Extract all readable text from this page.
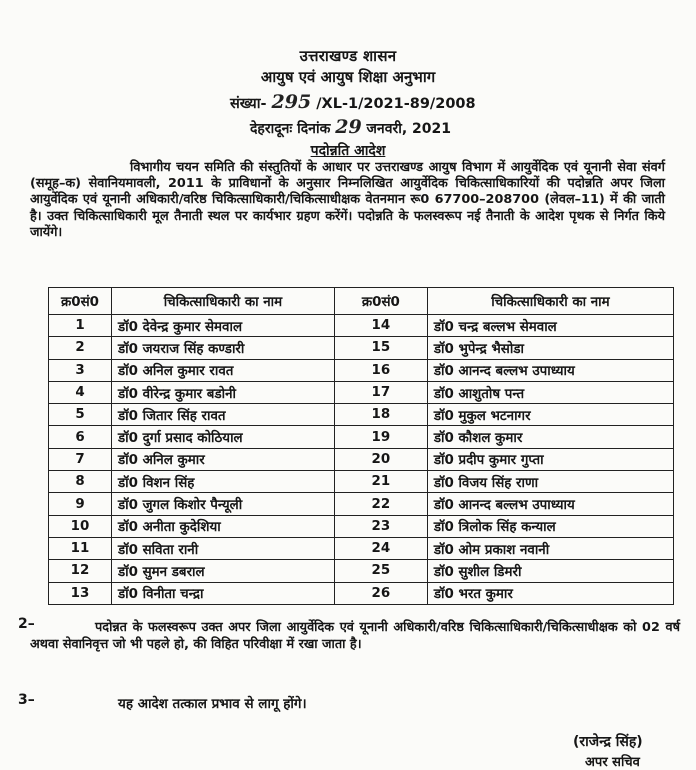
उत्तराखण्ड शासन
आयुष एवं आयुष शिक्षा अनुभाग
संख्या- 295 /XL-1/2021-89/2008
देहरादूनः दिनांक 29 जनवरी, 2021
पदोन्नति आदेश
विभागीय चयन समिति की संस्तुतियों के आधार पर उत्तराखण्ड आयुष विभाग में आयुर्वेदिक एवं यूनानी सेवा संवर्ग (समूह–क) सेवानियमावली, 2011 के प्राविधानों के अनुसार निम्नलिखित आयुर्वेदिक चिकित्साधिकारियों की पदोन्नति अपर जिला आयुर्वेदिक एवं यूनानी अधिकारी/वरिष्ठ चिकित्साधिकारी/चिकित्साधीक्षक वेतनमान रू0 67700–208700 (लेवल–11) में की जाती है। उक्त चिकित्साधिकारी मूल तैनाती स्थल पर कार्यभार ग्रहण करेंगें। पदोन्नति के फलस्वरूप नई तैनाती के आदेश पृथक से निर्गत किये जायेंगे।
क्र0सं0	चिकित्साधिकारी का नाम	क्र0सं0	चिकित्साधिकारी का नाम
1	डॉ0 देवेन्द्र कुमार सेमवाल	14	डॉ0 चन्द्र बल्लभ सेमवाल
2	डॉ0 जयराज सिंह कण्डारी	15	डॉ0 भुपेन्द्र भैसोडा
3	डॉ0 अनिल कुमार रावत	16	डॉ0 आनन्द बल्लभ उपाध्याय
4	डॉ0 वीरेन्द्र कुमार बडोनी	17	डॉ0 आशुतोष पन्त
5	डॉ0 जितार सिंह रावत	18	डॉ0 मुकुल भटनागर
6	डॉ0 दुर्गा प्रसाद कोठियाल	19	डॉ0 कौशल कुमार
7	डॉ0 अनिल कुमार	20	डॉ0 प्रदीप कुमार गुप्ता
8	डॉ0 विशन सिंह	21	डॉ0 विजय सिंह राणा
9	डॉ0 जुगल किशोर पैन्यूली	22	डॉ0 आनन्द बल्लभ उपाध्याय
10	डॉ0 अनीता कुदेशिया	23	डॉ0 त्रिलोक सिंह कन्याल
11	डॉ0 सविता रानी	24	डॉ0 ओम प्रकाश नवानी
12	डॉ0 सुमन डबराल	25	डॉ0 सुशील डिमरी
13	डॉ0 विनीता चन्द्रा	26	डॉ0 भरत कुमार
2–	पदोन्नत के फलस्वरूप उक्त अपर जिला आयुर्वेदिक एवं यूनानी अधिकारी/वरिष्ठ चिकित्साधिकारी/चिकित्साधीक्षक को 02 वर्ष अथवा सेवानिवृत्त जो भी पहले हो, की विहित परिवीक्षा में रखा जाता है।
3–	यह आदेश तत्काल प्रभाव से लागू होंगे।
(राजेन्द्र सिंह)
अपर सचिव
